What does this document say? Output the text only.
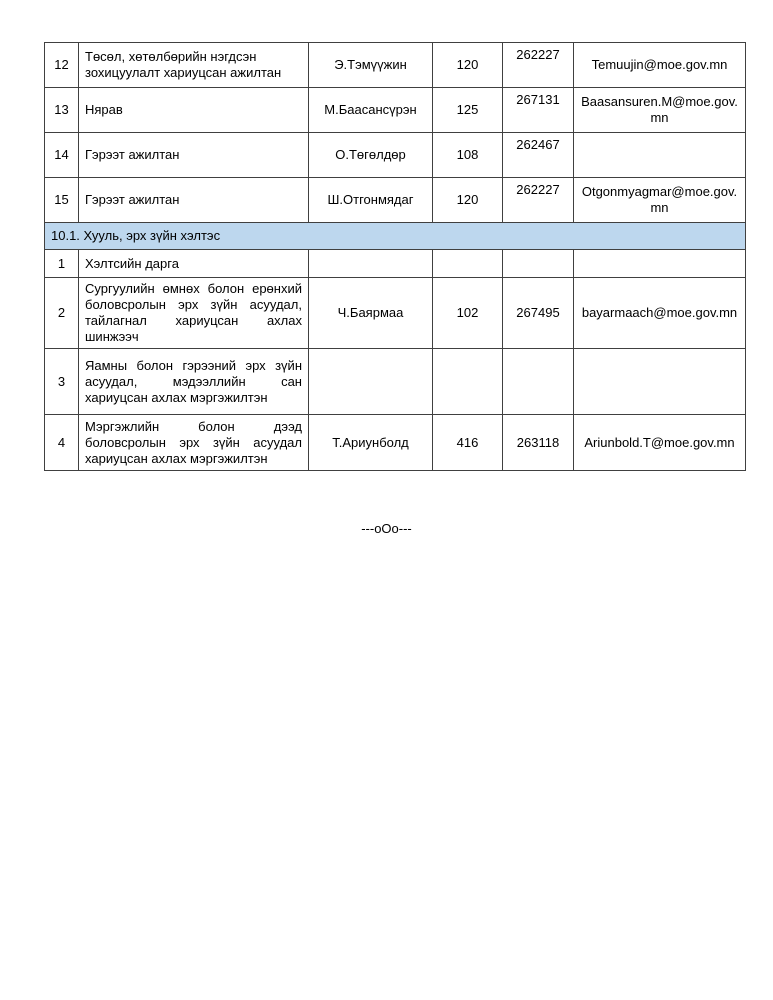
12	Төсөл, хөтөлбөрийн нэгдсэн зохицуулалт хариуцсан ажилтан	Э.Тэмүүжин	120	262227	Temuujin@moe.gov.mn
13	Нярав	М.Баасансүрэн	125	267131	Baasansuren.M@moe.gov.mn
14	Гэрээт ажилтан	О.Төгөлдөр	108	262467	
15	Гэрээт ажилтан	Ш.Отгонмядаг	120	262227	Otgonmyagmar@moe.gov.mn
10.1. Хууль, эрх зүйн хэлтэс					
1	Хэлтсийн дарга				
2	Сургуулийн өмнөх болон ерөнхий боловсролын эрх зүйн асуудал, тайлагнал хариуцсан ахлах шинжээч	Ч.Баярмаа	102	267495	bayarmaach@moe.gov.mn
3	Яамны болон гэрээний эрх зүйн асуудал, мэдээллийн сан хариуцсан ахлах мэргэжилтэн				
4	Мэргэжлийн болон дээд боловсролын эрх зүйн асуудал хариуцсан ахлах мэргэжилтэн	Т.Ариунболд	416	263118	Ariunbold.T@moe.gov.mn
---оОо---
